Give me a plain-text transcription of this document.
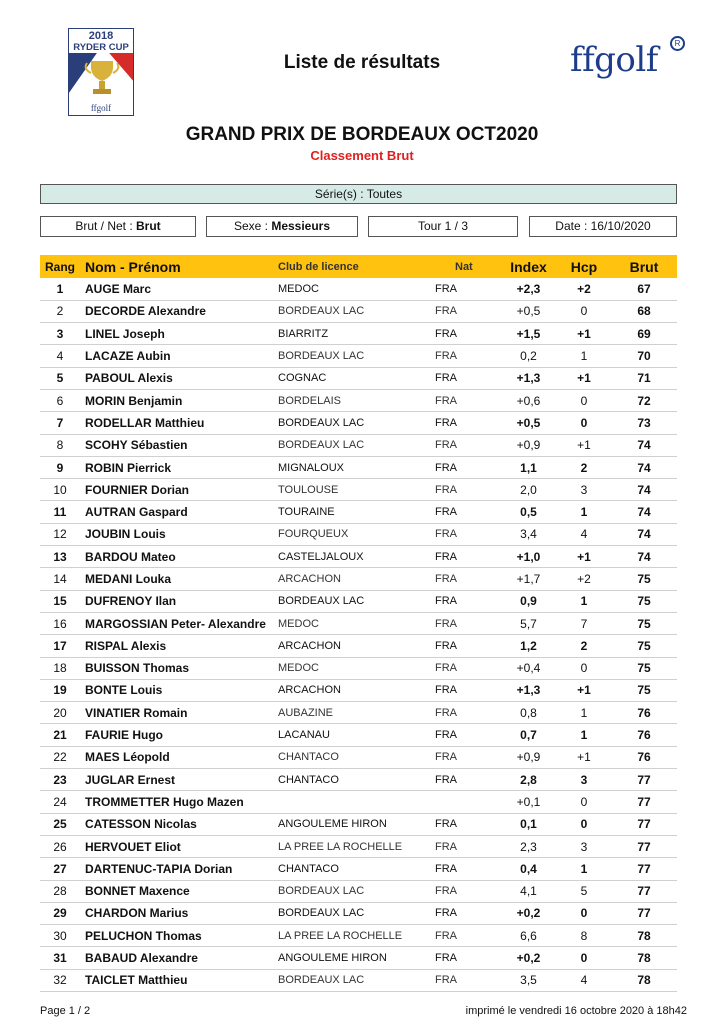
2018
RYDER CUP
ffgolf
Liste de résultats	ffgolf	R
GRAND PRIX DE BORDEAUX OCT2020
Classement Brut
Série(s) : Toutes
Brut / Net : Brut	Sexe : Messieurs	Tour 1 / 3	Date : 16/10/2020
Rang	Nom - Prénom	Club de licence	Nat	Index	Hcp	Brut
1	AUGE Marc	MEDOC	FRA	+2,3	+2	67
2	DECORDE Alexandre	BORDEAUX LAC	FRA	+0,5	0	68
3	LINEL Joseph	BIARRITZ	FRA	+1,5	+1	69
4	LACAZE Aubin	BORDEAUX LAC	FRA	0,2	1	70
5	PABOUL Alexis	COGNAC	FRA	+1,3	+1	71
6	MORIN Benjamin	BORDELAIS	FRA	+0,6	0	72
7	RODELLAR Matthieu	BORDEAUX LAC	FRA	+0,5	0	73
8	SCOHY Sébastien	BORDEAUX LAC	FRA	+0,9	+1	74
9	ROBIN Pierrick	MIGNALOUX	FRA	1,1	2	74
10	FOURNIER Dorian	TOULOUSE	FRA	2,0	3	74
11	AUTRAN Gaspard	TOURAINE	FRA	0,5	1	74
12	JOUBIN Louis	FOURQUEUX	FRA	3,4	4	74
13	BARDOU Mateo	CASTELJALOUX	FRA	+1,0	+1	74
14	MEDANI Louka	ARCACHON	FRA	+1,7	+2	75
15	DUFRENOY Ilan	BORDEAUX LAC	FRA	0,9	1	75
16	MARGOSSIAN Peter- Alexandre	MEDOC	FRA	5,7	7	75
17	RISPAL Alexis	ARCACHON	FRA	1,2	2	75
18	BUISSON Thomas	MEDOC	FRA	+0,4	0	75
19	BONTE Louis	ARCACHON	FRA	+1,3	+1	75
20	VINATIER Romain	AUBAZINE	FRA	0,8	1	76
21	FAURIE Hugo	LACANAU	FRA	0,7	1	76
22	MAES Léopold	CHANTACO	FRA	+0,9	+1	76
23	JUGLAR Ernest	CHANTACO	FRA	2,8	3	77
24	TROMMETTER Hugo Mazen			+0,1	0	77
25	CATESSON Nicolas	ANGOULEME HIRON	FRA	0,1	0	77
26	HERVOUET Eliot	LA PREE LA ROCHELLE	FRA	2,3	3	77
27	DARTENUC-TAPIA Dorian	CHANTACO	FRA	0,4	1	77
28	BONNET Maxence	BORDEAUX LAC	FRA	4,1	5	77
29	CHARDON Marius	BORDEAUX LAC	FRA	+0,2	0	77
30	PELUCHON Thomas	LA PREE LA ROCHELLE	FRA	6,6	8	78
31	BABAUD Alexandre	ANGOULEME HIRON	FRA	+0,2	0	78
32	TAICLET Matthieu	BORDEAUX LAC	FRA	3,5	4	78
Page 1 / 2	imprimé le vendredi 16 octobre 2020 à 18h42
